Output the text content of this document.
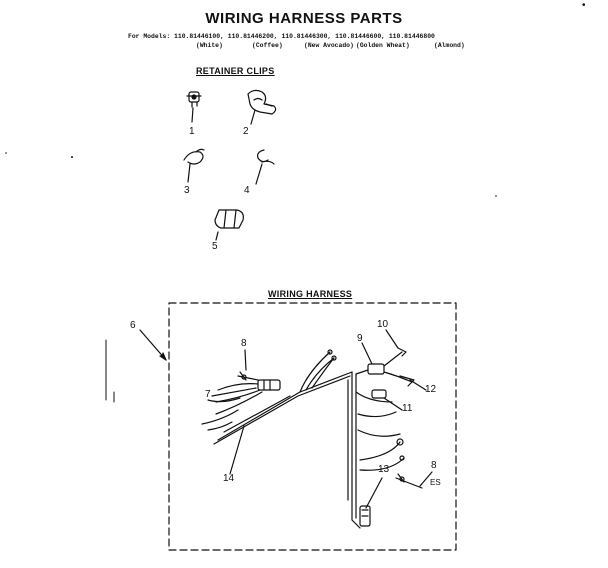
WIRING HARNESS PARTS
For Models: 110.81446100, 110.81446200, 110.81446300, 110.81446600, 110.81446800
(White)	(Coffee)	(New Avocado) (Golden Wheat)	(Almond)
RETAINER CLIPS
WIRING HARNESS
•
1	2
3	4
5
6
7
8
8
9
10
11
12
13
14	ES
